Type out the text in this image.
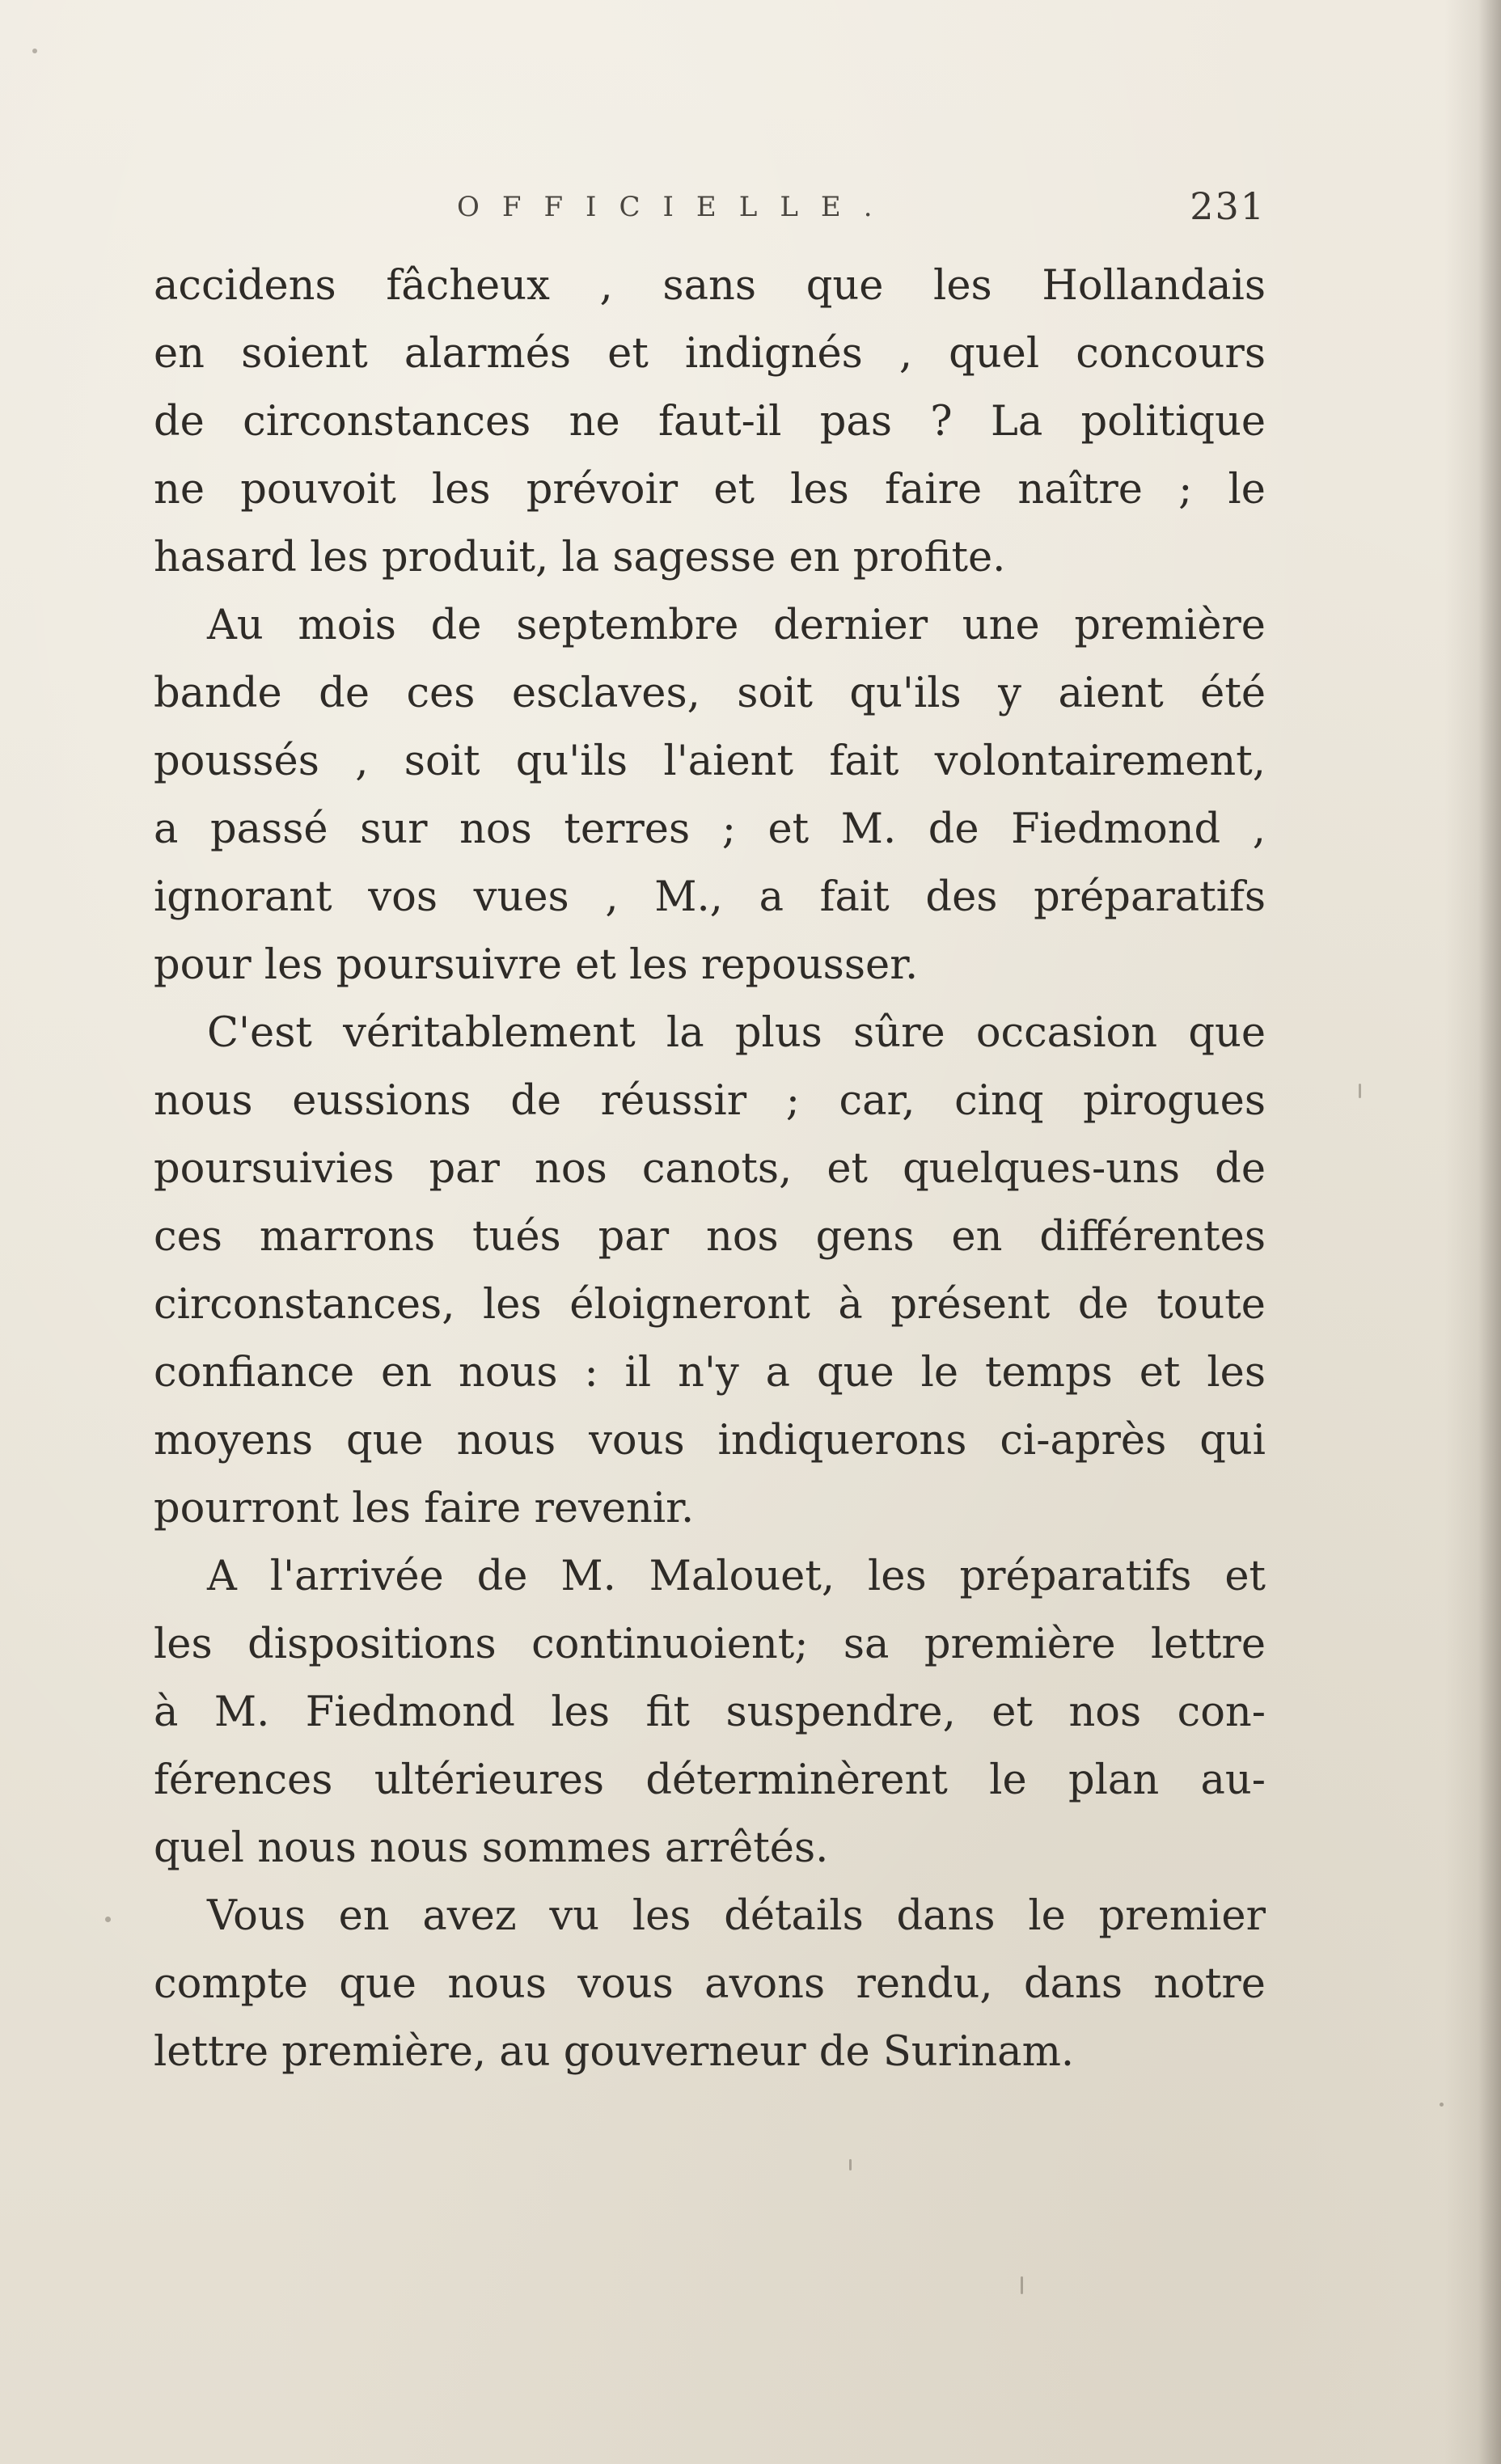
OFFICIELLE.	231
accidens fâcheux , sans que les Hollandais
en soient alarmés et indignés , quel concours
de circonstances ne faut-il pas ? La politique
ne pouvoit les prévoir et les faire naître ; le
hasard les produit, la sagesse en profite.
Au mois de septembre dernier une première
bande de ces esclaves, soit qu'ils y aient été
poussés , soit qu'ils l'aient fait volontairement,
a passé sur nos terres ; et M. de Fiedmond ,
ignorant vos vues , M., a fait des préparatifs
pour les poursuivre et les repousser.
C'est véritablement la plus sûre occasion que
nous eussions de réussir ; car, cinq pirogues
poursuivies par nos canots, et quelques-uns de
ces marrons tués par nos gens en différentes
circonstances, les éloigneront à présent de toute
confiance en nous : il n'y a que le temps et les
moyens que nous vous indiquerons ci-après qui
pourront les faire revenir.
A l'arrivée de M. Malouet, les préparatifs et
les dispositions continuoient; sa première lettre
à M. Fiedmond les fit suspendre, et nos con-
férences ultérieures déterminèrent le plan au-
quel nous nous sommes arrêtés.
Vous en avez vu les détails dans le premier
compte que nous vous avons rendu, dans notre
lettre première, au gouverneur de Surinam.
